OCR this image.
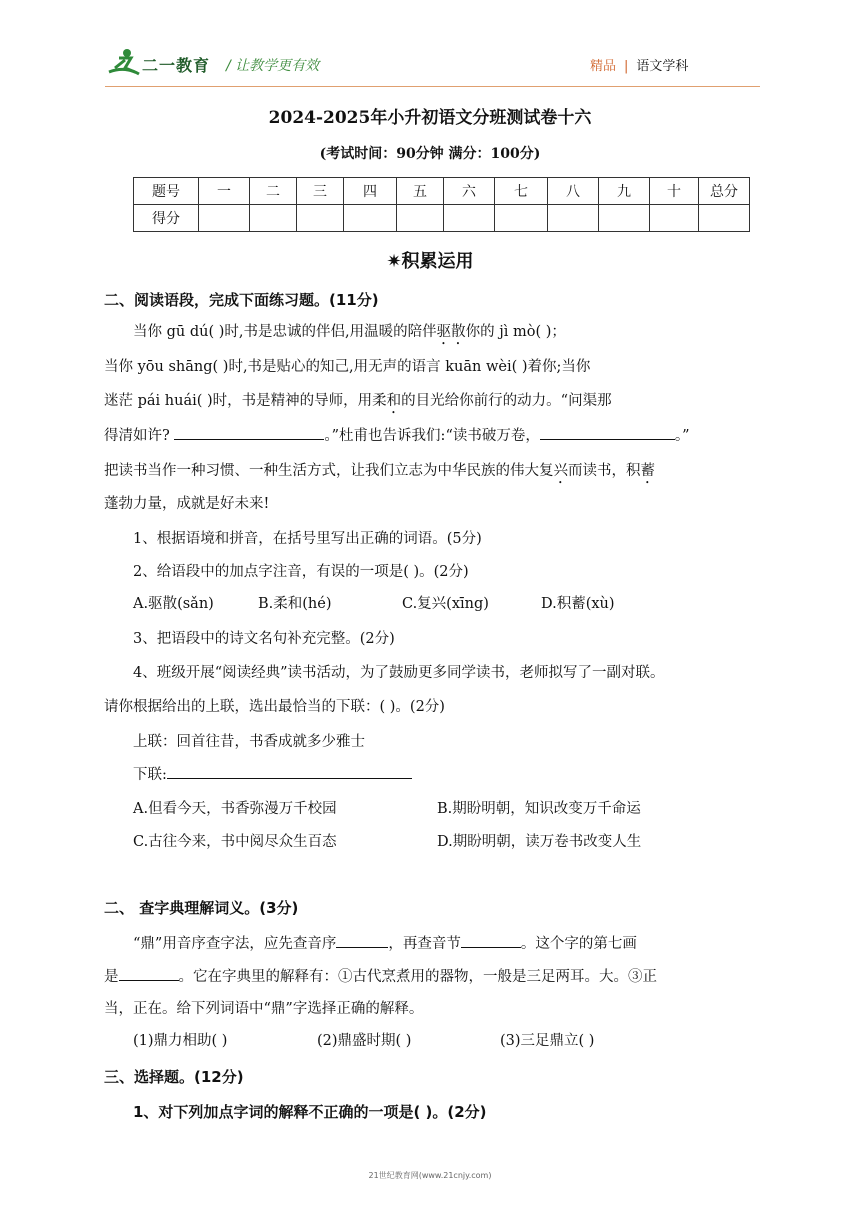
二一教育 / 让教学更有效	精品 | 语文学科
2024-2025年小升初语文分班测试卷十六
(考试时间：90分钟 满分：100分)
题号	一	二	三	四	五	六	七	八	九	十	总分
得分											
✷积累运用
二、阅读语段，完成下面练习题。(11分)
当你 gū dú( )时,书是忠诚的伴侣,用温暖的陪伴驱散你的 jì mò( )；
当你 yōu shāng( )时,书是贴心的知己,用无声的语言 kuān wèi( )着你;当你
迷茫 pái huái( )时，书是精神的导师，用柔和的目光给你前行的动力。“问渠那
得清如许?	。”杜甫也告诉我们:“读书破万卷，	。”
把读书当作一种习惯、一种生活方式，让我们立志为中华民族的伟大复兴而读书，积蓄
蓬勃力量，成就是好未来!
1、根据语境和拼音，在括号里写出正确的词语。(5分)
2、给语段中的加点字注音，有误的一项是( )。(2分)
A.驱散(sǎn)	B.柔和(hé)	C.复兴(xīng)	D.积蓄(xù)
3、把语段中的诗文名句补充完整。(2分)
4、班级开展“阅读经典”读书活动，为了鼓励更多同学读书，老师拟写了一副对联。
请你根据给出的上联，选出最恰当的下联：( )。(2分)
上联：回首往昔，书香成就多少雅士
下联:
A.但看今天，书香弥漫万千校园	B.期盼明朝，知识改变万千命运
C.古往今来，书中阅尽众生百态	D.期盼明朝，读万卷书改变人生
二、 查字典理解词义。(3分)
“鼎”用音序查字法，应先查音序	，再查音节	。这个字的第七画
是	。它在字典里的解释有：①古代烹煮用的器物，一般是三足两耳。大。③正
当，正在。给下列词语中“鼎”字选择正确的解释。
(1)鼎力相助( )	(2)鼎盛时期( )	(3)三足鼎立( )
三、选择题。(12分)
1、对下列加点字词的解释不正确的一项是( )。(2分)
21世纪教育网(www.21cnjy.com)
